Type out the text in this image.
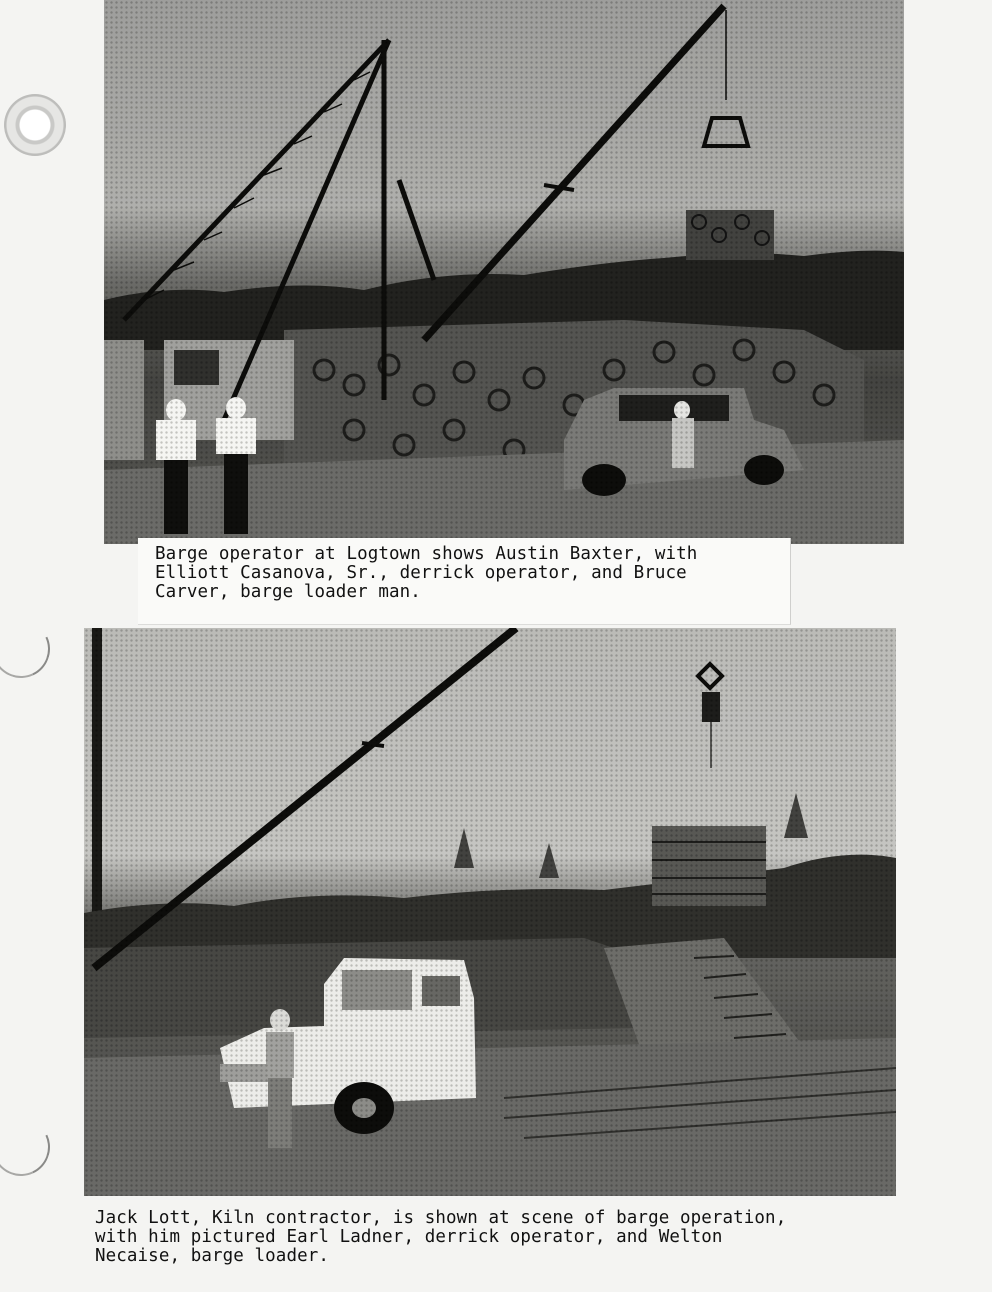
Barge operator at Logtown shows Austin Baxter, with
Elliott Casanova, Sr., derrick operator, and Bruce
Carver, barge loader man.
Jack Lott, Kiln contractor, is shown at scene of barge operation,
with him pictured Earl Ladner, derrick operator, and Welton
Necaise, barge loader.
